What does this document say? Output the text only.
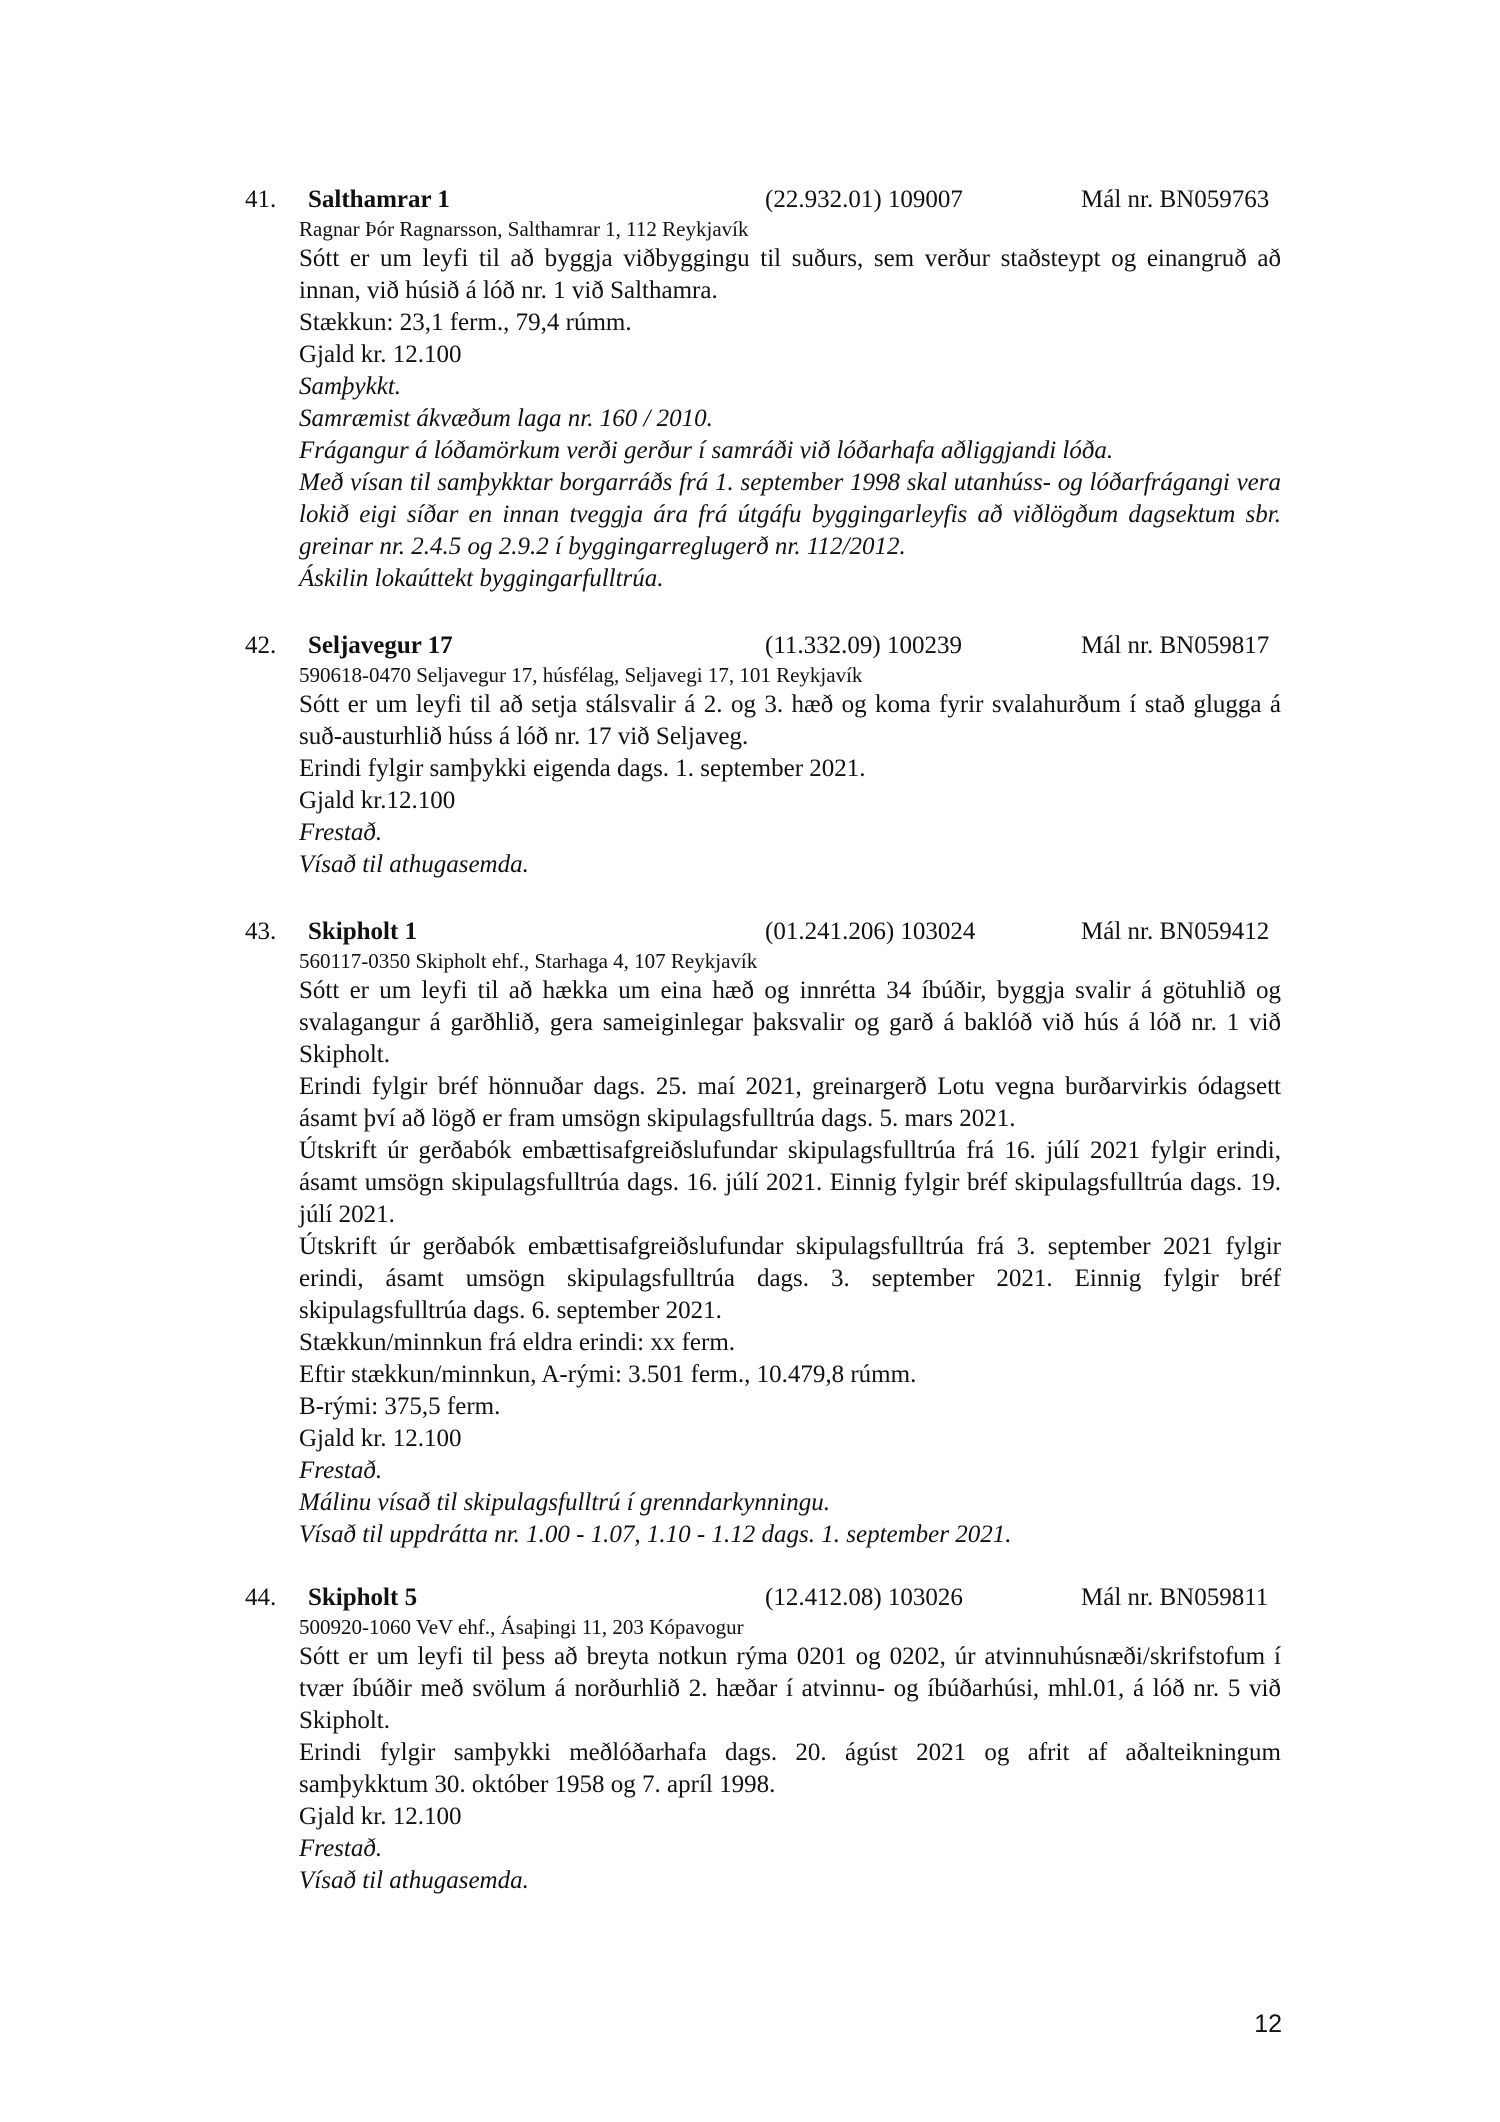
41. Salthamrar 1	(22.932.01) 109007	Mál nr. BN059763
Ragnar Þór Ragnarsson, Salthamrar 1, 112 Reykjavík
Sótt er um leyfi til að byggja viðbyggingu til suðurs, sem verður staðsteypt og einangruð að innan, við húsið á lóð nr. 1 við Salthamra.
Stækkun: 23,1 ferm., 79,4 rúmm.
Gjald kr. 12.100
Samþykkt.
Samræmist ákvæðum laga nr. 160 / 2010.
Frágangur á lóðamörkum verði gerður í samráði við lóðarhafa aðliggjandi lóða.
Með vísan til samþykktar borgarráðs frá 1. september 1998 skal utanhúss- og lóðarfrágangi vera lokið eigi síðar en innan tveggja ára frá útgáfu byggingarleyfis að viðlögðum dagsektum sbr. greinar nr. 2.4.5 og 2.9.2 í byggingarreglugerð nr. 112/2012.
Áskilin lokaúttekt byggingarfulltrúa.
42. Seljavegur 17	(11.332.09) 100239	Mál nr. BN059817
590618-0470 Seljavegur 17, húsfélag, Seljavegi 17, 101 Reykjavík
Sótt er um leyfi til að setja stálsvalir á 2. og 3. hæð og koma fyrir svalahurðum í stað glugga á suð-austurhlið húss á lóð nr. 17 við Seljaveg.
Erindi fylgir samþykki eigenda dags. 1. september 2021.
Gjald kr.12.100
Frestað.
Vísað til athugasemda.
43. Skipholt 1	(01.241.206) 103024	Mál nr. BN059412
560117-0350 Skipholt ehf., Starhaga 4, 107 Reykjavík
Sótt er um leyfi til að hækka um eina hæð og innrétta 34 íbúðir, byggja svalir á götuhlið og svalagangur á garðhlið, gera sameiginlegar þaksvalir og garð á baklóð við hús á lóð nr. 1 við Skipholt.
Erindi fylgir bréf hönnuðar dags. 25. maí 2021, greinargerð Lotu vegna burðarvirkis ódagsett ásamt því að lögð er fram umsögn skipulagsfulltrúa dags. 5. mars 2021.
Útskrift úr gerðabók embættisafgreiðslufundar skipulagsfulltrúa frá 16. júlí 2021 fylgir erindi, ásamt umsögn skipulagsfulltrúa dags. 16. júlí 2021. Einnig fylgir bréf skipulagsfulltrúa dags. 19. júlí 2021.
Útskrift úr gerðabók embættisafgreiðslufundar skipulagsfulltrúa frá 3. september 2021 fylgir erindi, ásamt umsögn skipulagsfulltrúa dags. 3. september 2021. Einnig fylgir bréf skipulagsfulltrúa dags. 6. september 2021.
Stækkun/minnkun frá eldra erindi: xx ferm.
Eftir stækkun/minnkun, A-rými: 3.501 ferm., 10.479,8 rúmm.
B-rými: 375,5 ferm.
Gjald kr. 12.100
Frestað.
Málinu vísað til skipulagsfulltrú í grenndarkynningu.
Vísað til uppdrátta nr. 1.00 - 1.07, 1.10 - 1.12 dags. 1. september 2021.
44. Skipholt 5	(12.412.08) 103026	Mál nr. BN059811
500920-1060 VeV ehf., Ásaþingi 11, 203 Kópavogur
Sótt er um leyfi til þess að breyta notkun rýma 0201 og 0202, úr atvinnuhúsnæði/skrifstofum í tvær íbúðir með svölum á norðurhlið 2. hæðar í atvinnu- og íbúðarhúsi, mhl.01, á lóð nr. 5 við Skipholt.
Erindi fylgir samþykki meðlóðarhafa dags. 20. ágúst 2021 og afrit af aðalteikningum samþykktum 30. október 1958 og 7. apríl 1998.
Gjald kr. 12.100
Frestað.
Vísað til athugasemda.
12
